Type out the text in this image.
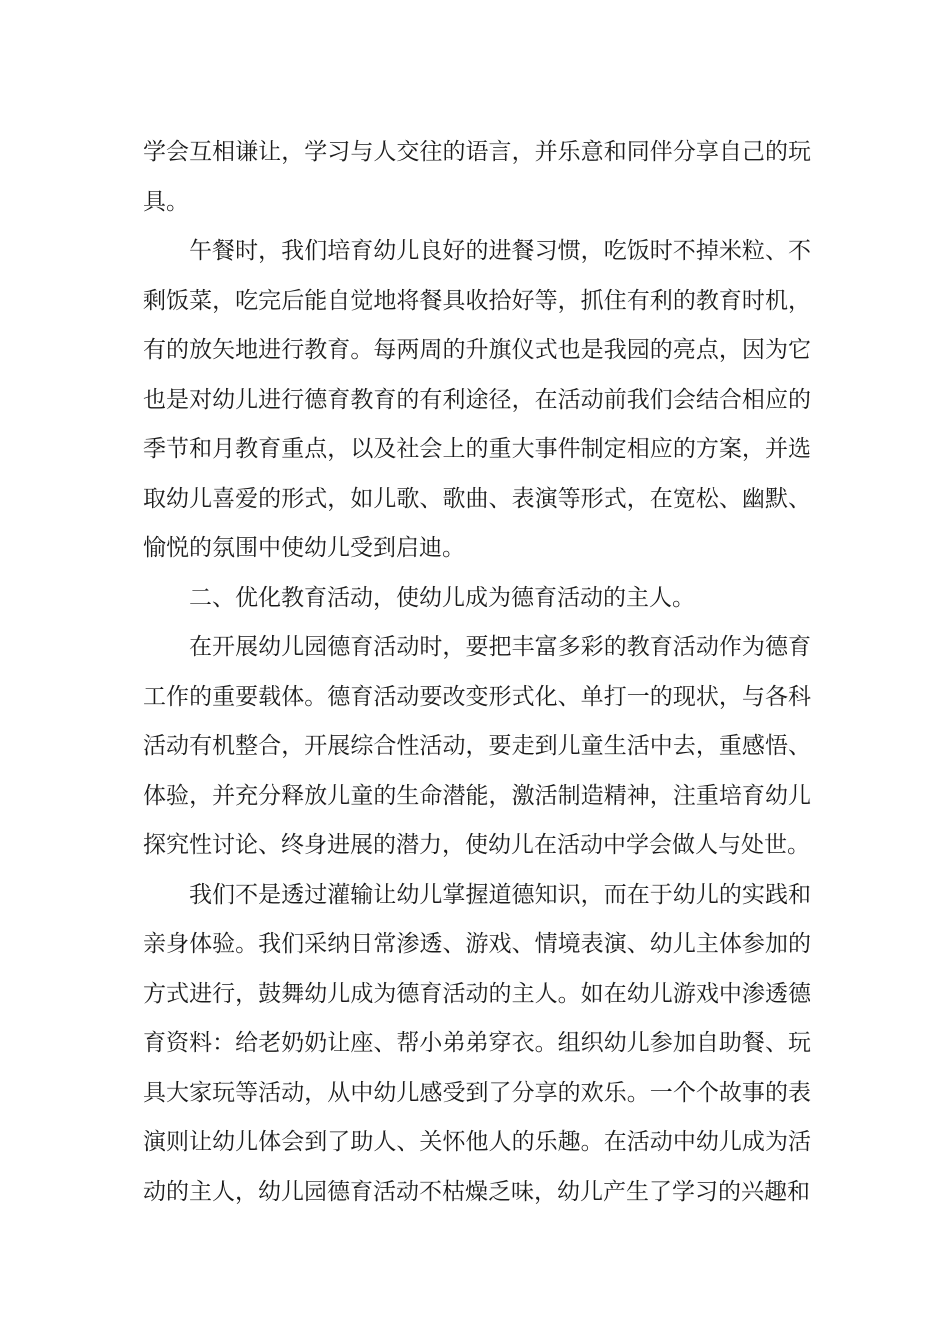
学会互相谦让，学习与人交往的语言，并乐意和同伴分享自己的玩具。

午餐时，我们培育幼儿良好的进餐习惯，吃饭时不掉米粒、不剩饭菜，吃完后能自觉地将餐具收拾好等，抓住有利的教育时机，有的放矢地进行教育。每两周的升旗仪式也是我园的亮点，因为它也是对幼儿进行德育教育的有利途径，在活动前我们会结合相应的季节和月教育重点，以及社会上的重大事件制定相应的方案，并选取幼儿喜爱的形式，如儿歌、歌曲、表演等形式，在宽松、幽默、愉悦的氛围中使幼儿受到启迪。

二、优化教育活动，使幼儿成为德育活动的主人。

在开展幼儿园德育活动时，要把丰富多彩的教育活动作为德育工作的重要载体。德育活动要改变形式化、单打一的现状，与各科活动有机整合，开展综合性活动，要走到儿童生活中去，重感悟、体验，并充分释放儿童的生命潜能，激活制造精神，注重培育幼儿探究性讨论、终身进展的潜力，使幼儿在活动中学会做人与处世。

我们不是透过灌输让幼儿掌握道德知识，而在于幼儿的实践和亲身体验。我们采纳日常渗透、游戏、情境表演、幼儿主体参加的方式进行，鼓舞幼儿成为德育活动的主人。如在幼儿游戏中渗透德育资料：给老奶奶让座、帮小弟弟穿衣。组织幼儿参加自助餐、玩具大家玩等活动，从中幼儿感受到了分享的欢乐。一个个故事的表演则让幼儿体会到了助人、关怀他人的乐趣。在活动中幼儿成为活动的主人，幼儿园德育活动不枯燥乏味，幼儿产生了学习的兴趣和
